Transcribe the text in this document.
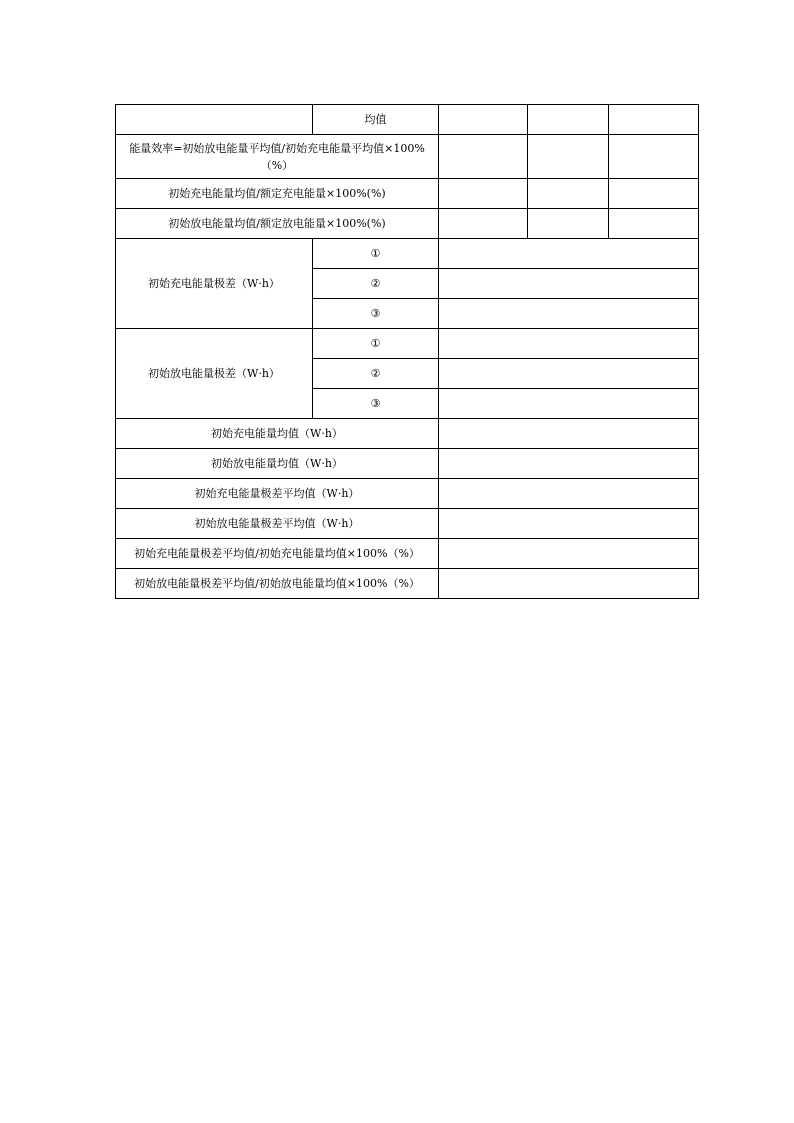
	均值			
能量效率=初始放电能量平均值/初始充电能量平均值×100%（%）				
初始充电能量均值/额定充电能量×100%(%)				
初始放电能量均值/额定放电能量×100%(%)				
初始充电能量极差（W·h）	①			
	②			
	③			
初始放电能量极差（W·h）	①			
	②			
	③			
初始充电能量均值（W·h）				
初始放电能量均值（W·h）				
初始充电能量极差平均值（W·h）				
初始放电能量极差平均值（W·h）				
初始充电能量极差平均值/初始充电能量均值×100%（%）				
初始放电能量极差平均值/初始放电能量均值×100%（%）				
